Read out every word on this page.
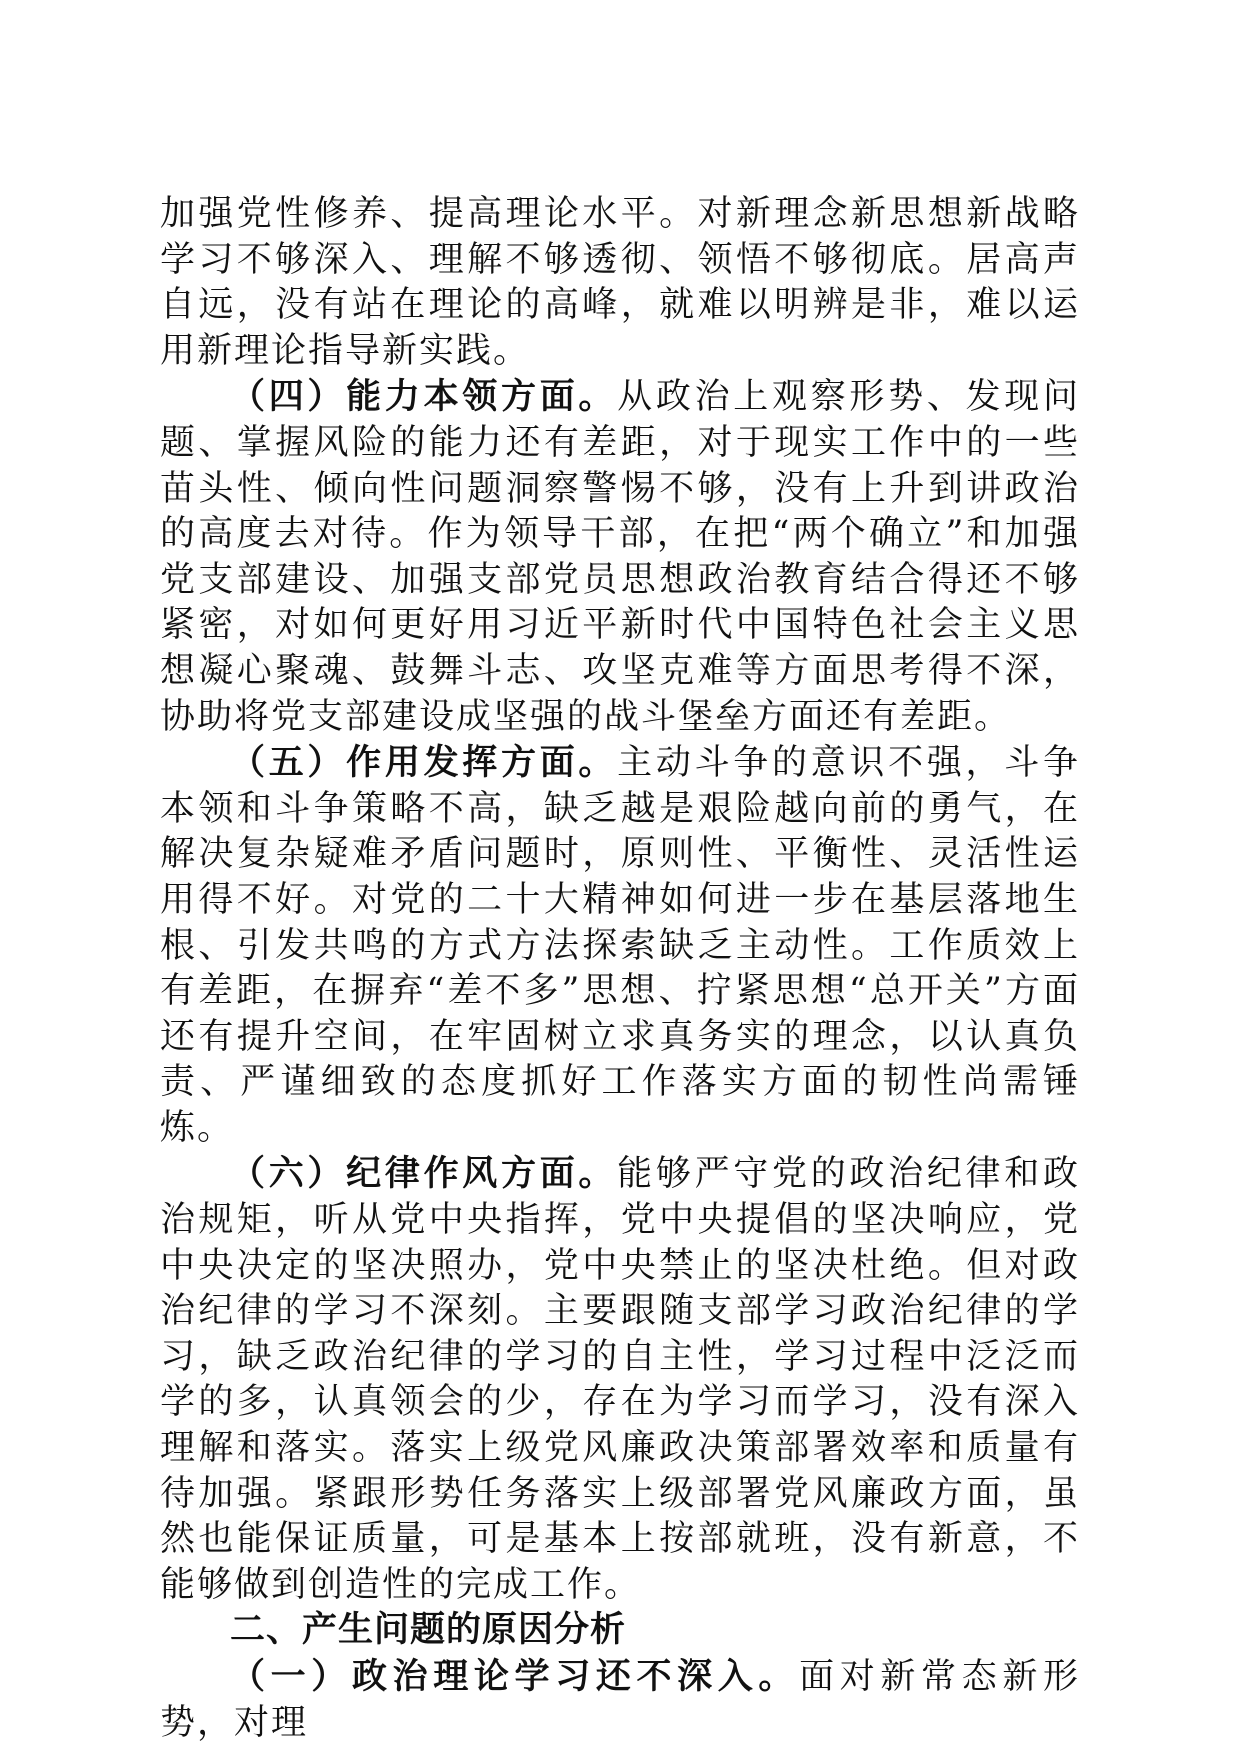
加强党性修养、提高理论水平。对新理念新思想新战略学习不够深入、理解不够透彻、领悟不够彻底。居高声自远，没有站在理论的高峰，就难以明辨是非，难以运用新理论指导新实践。

（四）能力本领方面。从政治上观察形势、发现问题、掌握风险的能力还有差距，对于现实工作中的一些苗头性、倾向性问题洞察警惕不够，没有上升到讲政治的高度去对待。作为领导干部，在把“两个确立”和加强党支部建设、加强支部党员思想政治教育结合得还不够紧密，对如何更好用习近平新时代中国特色社会主义思想凝心聚魂、鼓舞斗志、攻坚克难等方面思考得不深，协助将党支部建设成坚强的战斗堡垒方面还有差距。

（五）作用发挥方面。主动斗争的意识不强，斗争本领和斗争策略不高，缺乏越是艰险越向前的勇气，在解决复杂疑难矛盾问题时，原则性、平衡性、灵活性运用得不好。对党的二十大精神如何进一步在基层落地生根、引发共鸣的方式方法探索缺乏主动性。工作质效上有差距，在摒弃“差不多”思想、拧紧思想“总开关”方面还有提升空间，在牢固树立求真务实的理念，以认真负责、严谨细致的态度抓好工作落实方面的韧性尚需锤炼。

（六）纪律作风方面。能够严守党的政治纪律和政治规矩，听从党中央指挥，党中央提倡的坚决响应，党中央决定的坚决照办，党中央禁止的坚决杜绝。但对政治纪律的学习不深刻。主要跟随支部学习政治纪律的学习，缺乏政治纪律的学习的自主性，学习过程中泛泛而学的多，认真领会的少，存在为学习而学习，没有深入理解和落实。落实上级党风廉政决策部署效率和质量有待加强。紧跟形势任务落实上级部署党风廉政方面，虽然也能保证质量，可是基本上按部就班，没有新意，不能够做到创造性的完成工作。

二、产生问题的原因分析

（一）政治理论学习还不深入。面对新常态新形势，对理
